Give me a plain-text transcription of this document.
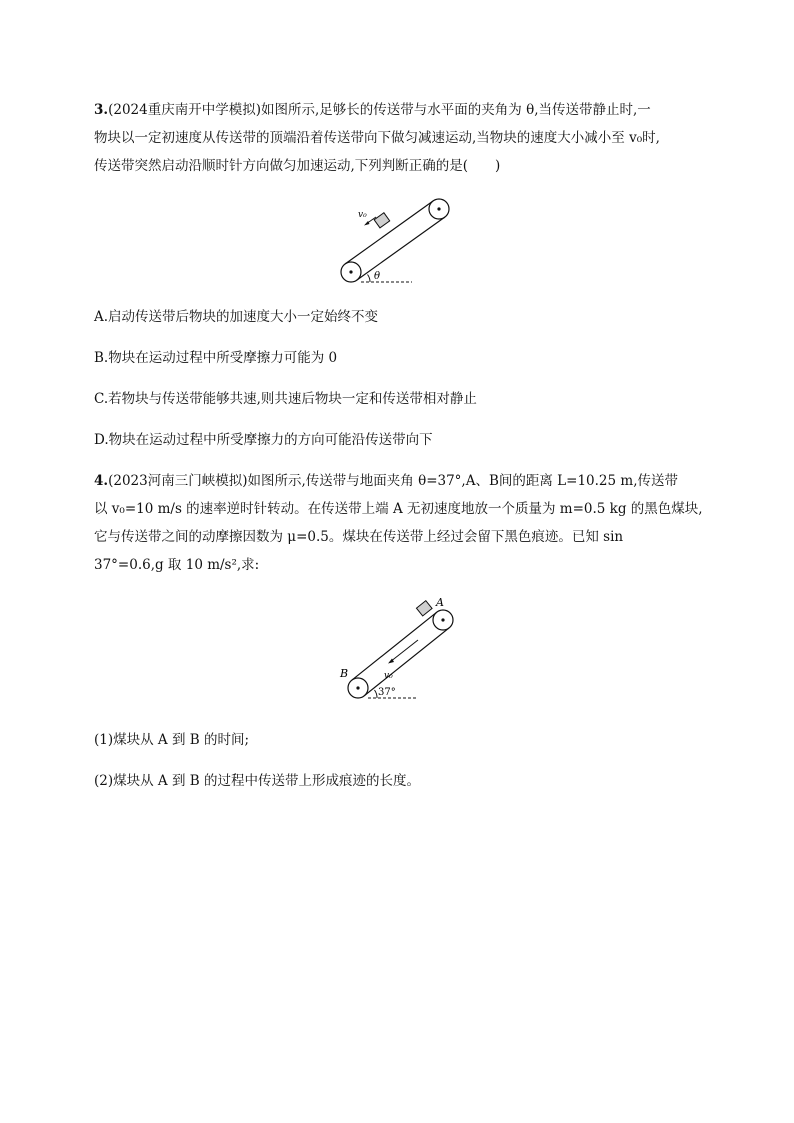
3.(2024重庆南开中学模拟)如图所示,足够长的传送带与水平面的夹角为 θ,当传送带静止时,一
物块以一定初速度从传送带的顶端沿着传送带向下做匀减速运动,当物块的速度大小减小至 v₀时,
传送带突然启动沿顺时针方向做匀加速运动,下列判断正确的是(　　)
v₀
θ
A.启动传送带后物块的加速度大小一定始终不变
B.物块在运动过程中所受摩擦力可能为 0
C.若物块与传送带能够共速,则共速后物块一定和传送带相对静止
D.物块在运动过程中所受摩擦力的方向可能沿传送带向下
4.(2023河南三门峡模拟)如图所示,传送带与地面夹角 θ=37°,A、B间的距离 L=10.25 m,传送带
以 v₀=10 m/s 的速率逆时针转动。在传送带上端 A 无初速度地放一个质量为 m=0.5 kg 的黑色煤块,
它与传送带之间的动摩擦因数为 μ=0.5。煤块在传送带上经过会留下黑色痕迹。已知 sin
37°=0.6,g 取 10 m/s²,求:
A
B	v₀
37°
(1)煤块从 A 到 B 的时间;
(2)煤块从 A 到 B 的过程中传送带上形成痕迹的长度。
